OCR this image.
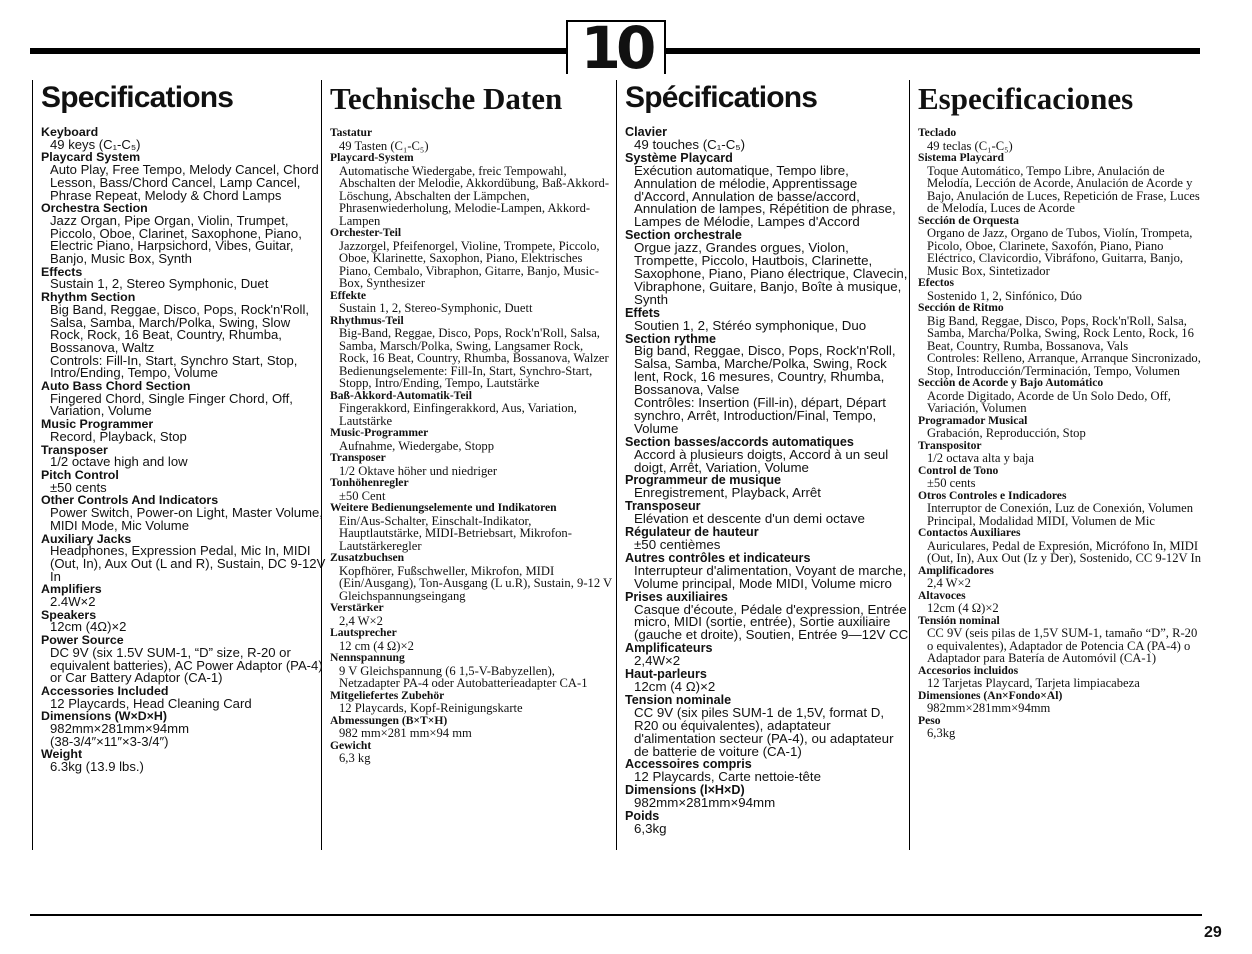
10
Specifications
Keyboard
49 keys (C₁-C₅)
Playcard System
Auto Play, Free Tempo, Melody Cancel, Chord Lesson, Bass/Chord Cancel, Lamp Cancel, Phrase Repeat, Melody & Chord Lamps
Orchestra Section
Jazz Organ, Pipe Organ, Violin, Trumpet, Piccolo, Oboe, Clarinet, Saxophone, Piano, Electric Piano, Harpsichord, Vibes, Guitar, Banjo, Music Box, Synth
Effects
Sustain 1, 2, Stereo Symphonic, Duet
Rhythm Section
Big Band, Reggae, Disco, Pops, Rock'n'Roll, Salsa, Samba, March/Polka, Swing, Slow Rock, Rock, 16 Beat, Country, Rhumba, Bossanova, Waltz
Controls: Fill-In, Start, Synchro Start, Stop, Intro/Ending, Tempo, Volume
Auto Bass Chord Section
Fingered Chord, Single Finger Chord, Off, Variation, Volume
Music Programmer
Record, Playback, Stop
Transposer
1/2 octave high and low
Pitch Control
±50 cents
Other Controls And Indicators
Power Switch, Power-on Light, Master Volume, MIDI Mode, Mic Volume
Auxiliary Jacks
Headphones, Expression Pedal, Mic In, MIDI (Out, In), Aux Out (L and R), Sustain, DC 9-12V In
Amplifiers
2.4W×2
Speakers
12cm (4Ω)×2
Power Source
DC 9V (six 1.5V SUM-1, “D” size, R-20 or equivalent batteries), AC Power Adaptor (PA-4) or Car Battery Adaptor (CA-1)
Accessories Included
12 Playcards, Head Cleaning Card
Dimensions (W×D×H)
982mm×281mm×94mm
(38-3/4″×11″×3-3/4″)
Weight
6.3kg (13.9 lbs.)
Technische Daten
Tastatur
49 Tasten (C₁-C₅)
Playcard-System
Automatische Wiedergabe, freic Tempowahl, Abschalten der Melodie, Akkordübung, Baß-Akkord-Löschung, Abschalten der Lämpchen, Phrasenwiederholung, Melodie-Lampen, Akkord-Lampen
Orchester-Teil
Jazzorgel, Pfeifenorgel, Violine, Trompete, Piccolo, Oboe, Klarinette, Saxophon, Piano, Elektrisches Piano, Cembalo, Vibraphon, Gitarre, Banjo, Music-Box, Synthesizer
Effekte
Sustain 1, 2, Stereo-Symphonic, Duett
Rhythmus-Teil
Big-Band, Reggae, Disco, Pops, Rock'n'Roll, Salsa, Samba, Marsch/Polka, Swing, Langsamer Rock, Rock, 16 Beat, Country, Rhumba, Bossanova, Walzer
Bedienungselemente: Fill-In, Start, Synchro-Start, Stopp, Intro/Ending, Tempo, Lautstärke
Baß-Akkord-Automatik-Teil
Fingerakkord, Einfingerakkord, Aus, Variation, Lautstärke
Music-Programmer
Aufnahme, Wiedergabe, Stopp
Transposer
1/2 Oktave höher und niedriger
Tonhöhenregler
±50 Cent
Weitere Bedienungselemente und Indikatoren
Ein/Aus-Schalter, Einschalt-Indikator, Hauptlautstärke, MIDI-Betriebsart, Mikrofon-Lautstärkeregler
Zusatzbuchsen
Kopfhörer, Fußschweller, Mikrofon, MIDI (Ein/Ausgang), Ton-Ausgang (L u.R), Sustain, 9-12 V Gleichspannungseingang
Verstärker
2,4 W×2
Lautsprecher
12 cm (4 Ω)×2
Nennspannung
9 V Gleichspannung (6 1,5-V-Babyzellen), Netzadapter PA-4 oder Autobatterieadapter CA-1
Mitgeliefertes Zubehör
12 Playcards, Kopf-Reinigungskarte
Abmessungen (B×T×H)
982 mm×281 mm×94 mm
Gewicht
6,3 kg
Spécifications
Clavier
49 touches (C₁-C₅)
Système Playcard
Exécution automatique, Tempo libre, Annulation de mélodie, Apprentissage d'Accord, Annulation de basse/accord, Annulation de lampes, Répétition de phrase, Lampes de Mélodie, Lampes d'Accord
Section orchestrale
Orgue jazz, Grandes orgues, Violon, Trompette, Piccolo, Hautbois, Clarinette, Saxophone, Piano, Piano électrique, Clavecin, Vibraphone, Guitare, Banjo, Boîte à musique, Synth
Effets
Soutien 1, 2, Stéréo symphonique, Duo
Section rythme
Big band, Reggae, Disco, Pops, Rock'n'Roll, Salsa, Samba, Marche/Polka, Swing, Rock lent, Rock, 16 mesures, Country, Rhumba, Bossanova, Valse
Contrôles: Insertion (Fill-in), départ, Départ synchro, Arrêt, Introduction/Final, Tempo, Volume
Section basses/accords automatiques
Accord à plusieurs doigts, Accord à un seul doigt, Arrêt, Variation, Volume
Programmeur de musique
Enregistrement, Playback, Arrêt
Transposeur
Elévation et descente d'un demi octave
Régulateur de hauteur
±50 centièmes
Autres contrôles et indicateurs
Interrupteur d'alimentation, Voyant de marche, Volume principal, Mode MIDI, Volume micro
Prises auxiliaires
Casque d'écoute, Pédale d'expression, Entrée micro, MIDI (sortie, entrée), Sortie auxiliaire (gauche et droite), Soutien, Entrée 9—12V CC
Amplificateurs
2,4W×2
Haut-parleurs
12cm (4 Ω)×2
Tension nominale
CC 9V (six piles SUM-1 de 1,5V, format D, R20 ou équivalentes), adaptateur d'alimentation secteur (PA-4), ou adaptateur de batterie de voiture (CA-1)
Accessoires compris
12 Playcards, Carte nettoie-tête
Dimensions (l×H×D)
982mm×281mm×94mm
Poids
6,3kg
Especificaciones
Teclado
49 teclas (C₁-C₅)
Sistema Playcard
Toque Automático, Tempo Libre, Anulación de Melodía, Lección de Acorde, Anulación de Acorde y Bajo, Anulación de Luces, Repetición de Frase, Luces de Melodía, Luces de Acorde
Sección de Orquesta
Organo de Jazz, Organo de Tubos, Violín, Trompeta, Picolo, Oboe, Clarinete, Saxofón, Piano, Piano Eléctrico, Clavicordio, Vibráfono, Guitarra, Banjo, Music Box, Sintetizador
Efectos
Sostenido 1, 2, Sinfónico, Dúo
Sección de Ritmo
Big Band, Reggae, Disco, Pops, Rock'n'Roll, Salsa, Samba, Marcha/Polka, Swing, Rock Lento, Rock, 16 Beat, Country, Rumba, Bossanova, Vals
Controles: Relleno, Arranque, Arranque Sincronizado, Stop, Introducción/Terminación, Tempo, Volumen
Sección de Acorde y Bajo Automático
Acorde Digitado, Acorde de Un Solo Dedo, Off, Variación, Volumen
Programador Musical
Grabación, Reproducción, Stop
Transpositor
1/2 octava alta y baja
Control de Tono
±50 cents
Otros Controles e Indicadores
Interruptor de Conexión, Luz de Conexión, Volumen Principal, Modalidad MIDI, Volumen de Mic
Contactos Auxiliares
Auriculares, Pedal de Expresión, Micrófono In, MIDI (Out, In), Aux Out (Iz y Der), Sostenido, CC 9-12V In
Amplificadores
2,4 W×2
Altavoces
12cm (4 Ω)×2
Tensión nominal
CC 9V (seis pilas de 1,5V SUM-1, tamaño “D”, R-20 o equivalentes), Adaptador de Potencia CA (PA-4) o Adaptador para Batería de Automóvil (CA-1)
Accesorios incluidos
12 Tarjetas Playcard, Tarjeta limpiacabeza
Dimensiones (An×Fondo×Al)
982mm×281mm×94mm
Peso
6,3kg
29
